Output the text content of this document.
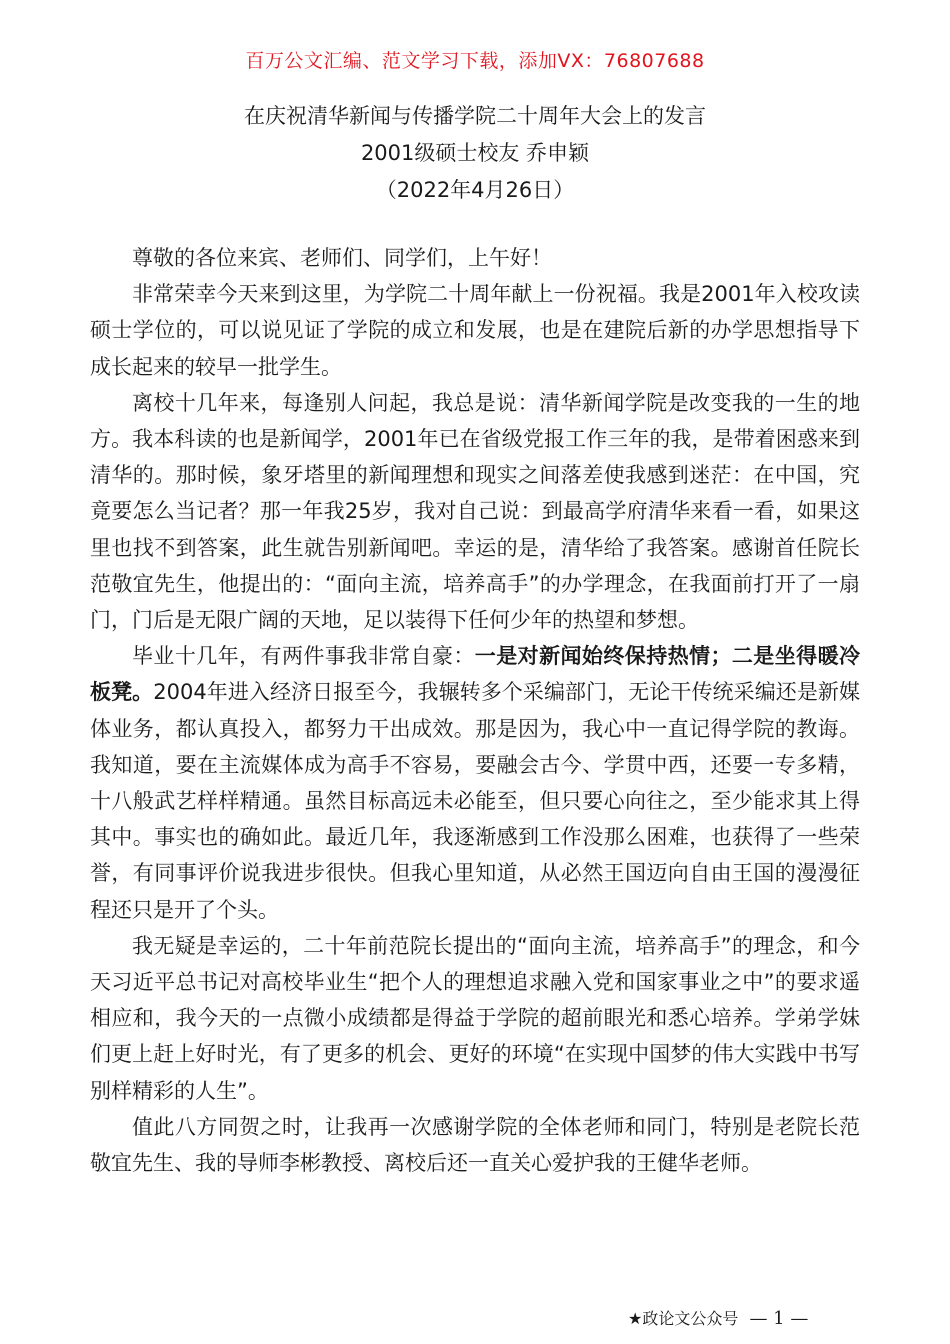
百万公文汇编、范文学习下载，添加VX：76807688
在庆祝清华新闻与传播学院二十周年大会上的发言
2001级硕士校友 乔申颖
（2022年4月26日）

尊敬的各位来宾、老师们、同学们，上午好！

非常荣幸今天来到这里，为学院二十周年献上一份祝福。我是2001年入校攻读硕士学位的，可以说见证了学院的成立和发展，也是在建院后新的办学思想指导下成长起来的较早一批学生。

离校十几年来，每逢别人问起，我总是说：清华新闻学院是改变我的一生的地方。我本科读的也是新闻学，2001年已在省级党报工作三年的我，是带着困惑来到清华的。那时候，象牙塔里的新闻理想和现实之间落差使我感到迷茫：在中国，究竟要怎么当记者？那一年我25岁，我对自己说：到最高学府清华来看一看，如果这里也找不到答案，此生就告别新闻吧。幸运的是，清华给了我答案。感谢首任院长范敬宜先生，他提出的：“面向主流，培养高手”的办学理念，在我面前打开了一扇门，门后是无限广阔的天地，足以装得下任何少年的热望和梦想。

毕业十几年，有两件事我非常自豪：一是对新闻始终保持热情；二是坐得暖冷板凳。2004年进入经济日报至今，我辗转多个采编部门，无论干传统采编还是新媒体业务，都认真投入，都努力干出成效。那是因为，我心中一直记得学院的教诲。我知道，要在主流媒体成为高手不容易，要融会古今、学贯中西，还要一专多精，十八般武艺样样精通。虽然目标高远未必能至，但只要心向往之，至少能求其上得其中。事实也的确如此。最近几年，我逐渐感到工作没那么困难，也获得了一些荣誉，有同事评价说我进步很快。但我心里知道，从必然王国迈向自由王国的漫漫征程还只是开了个头。

我无疑是幸运的，二十年前范院长提出的“面向主流，培养高手”的理念，和今天习近平总书记对高校毕业生“把个人的理想追求融入党和国家事业之中”的要求遥相应和，我今天的一点微小成绩都是得益于学院的超前眼光和悉心培养。学弟学妹们更上赶上好时光，有了更多的机会、更好的环境“在实现中国梦的伟大实践中书写别样精彩的人生”。

值此八方同贺之时，让我再一次感谢学院的全体老师和同门，特别是老院长范敬宜先生、我的导师李彬教授、离校后还一直关心爱护我的王健华老师。

★政论文公众号 — 1 —
